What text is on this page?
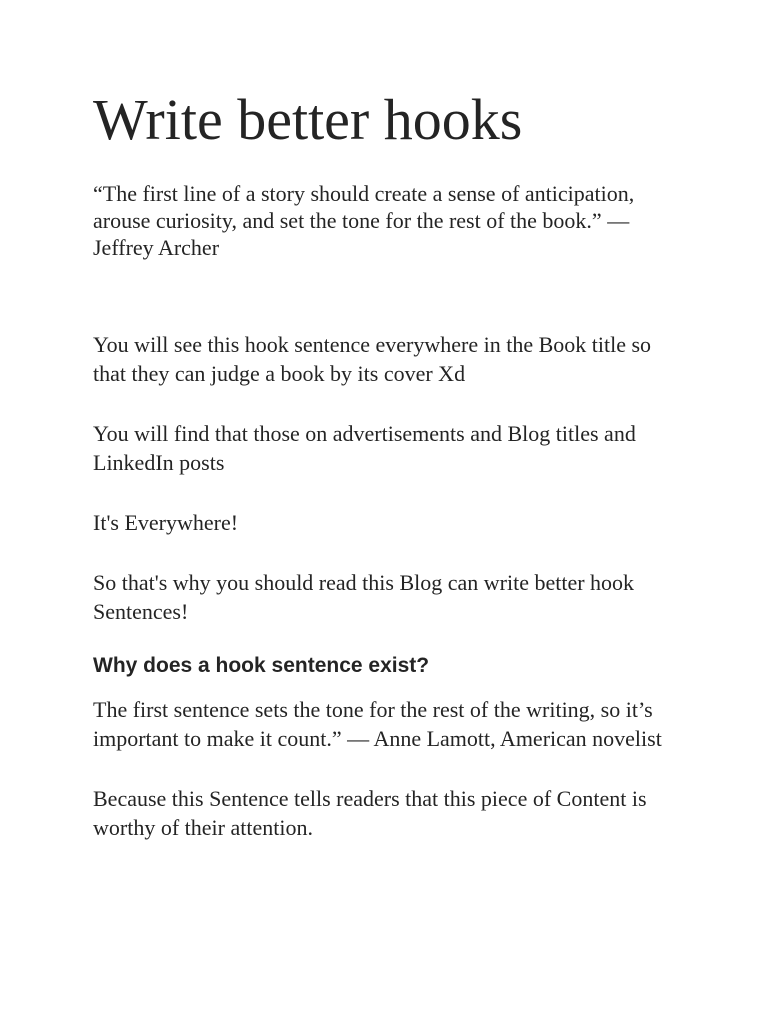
Write better hooks

“The first line of a story should create a sense of anticipation, arouse curiosity, and set the tone for the rest of the book.” — Jeffrey Archer

You will see this hook sentence everywhere in the Book title so that they can judge a book by its cover Xd

You will find that those on advertisements and Blog titles and LinkedIn posts

It's Everywhere!

So that's why you should read this Blog can write better hook Sentences!

Why does a hook sentence exist?

The first sentence sets the tone for the rest of the writing, so it’s important to make it count.” — Anne Lamott, American novelist

Because this Sentence tells readers that this piece of Content is worthy of their attention.
